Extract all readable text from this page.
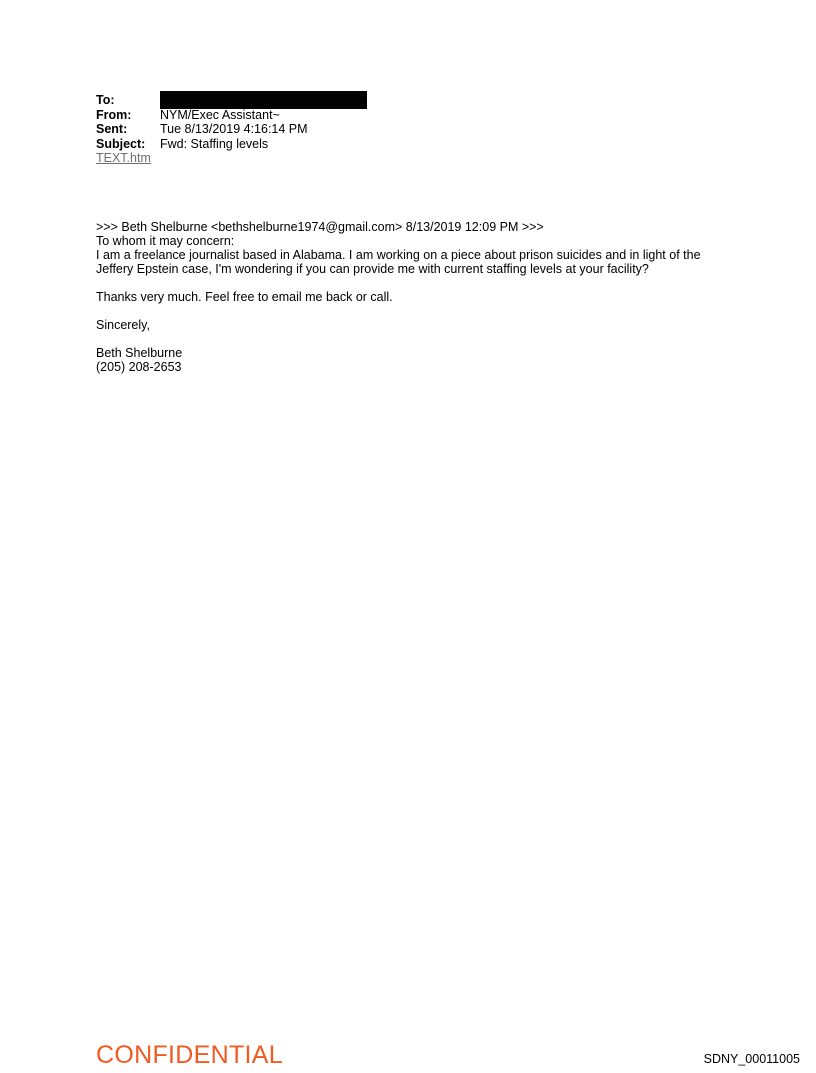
To:
From:	NYM/Exec Assistant~
Sent:	Tue 8/13/2019 4:16:14 PM
Subject:	Fwd: Staffing levels
TEXT.htm

>>> Beth Shelburne <bethshelburne1974@gmail.com> 8/13/2019 12:09 PM >>>

To whom it may concern:

I am a freelance journalist based in Alabama. I am working on a piece about prison suicides and in light of the Jeffery Epstein case, I'm wondering if you can provide me with current staffing levels at your facility?

Thanks very much. Feel free to email me back or call.

Sincerely,

Beth Shelburne

(205) 208-2653

CONFIDENTIAL	SDNY_00011005
